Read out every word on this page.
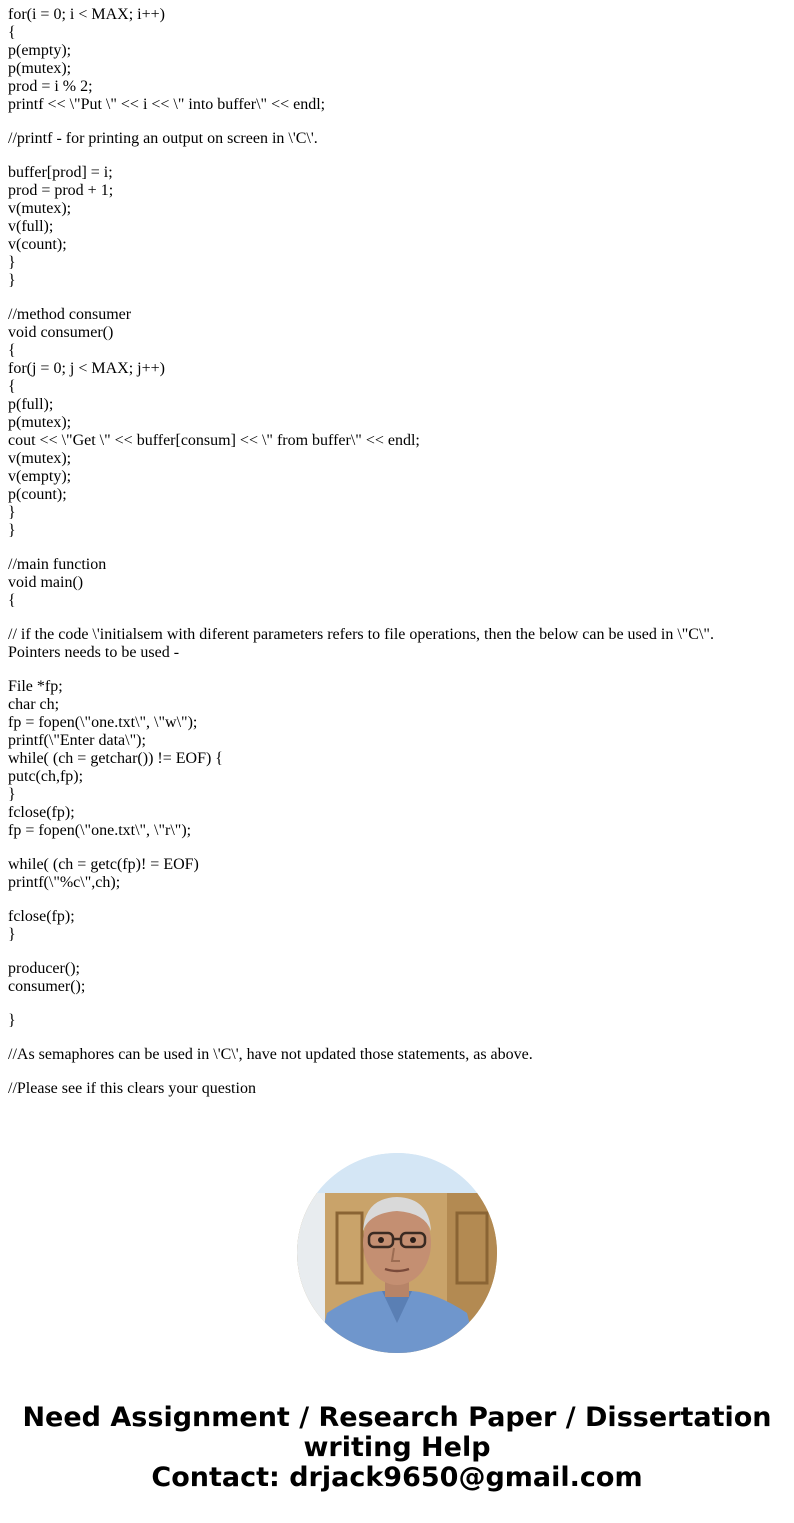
for(i = 0; i < MAX; i++)
{
p(empty);
p(mutex);
prod = i % 2;
printf << \"Put \" << i << \" into buffer\" << endl;
//printf - for printing an output on screen in \'C\'.
buffer[prod] = i;
prod = prod + 1;
v(mutex);
v(full);
v(count);
}
}
//method consumer
void consumer()
{
for(j = 0; j < MAX; j++)
{
p(full);
p(mutex);
cout << \"Get \" << buffer[consum] << \" from buffer\" << endl;
v(mutex);
v(empty);
p(count);
}
}
//main function
void main()
{
// if the code \'initialsem with diferent parameters refers to file operations, then the below can be used in \"C\".
Pointers needs to be used -
File *fp;
char ch;
fp = fopen(\"one.txt\", \"w\");
printf(\"Enter data\");
while( (ch = getchar()) != EOF) {
putc(ch,fp);
}
fclose(fp);
fp = fopen(\"one.txt\", \"r\");
while( (ch = getc(fp)! = EOF)
printf(\"%c\",ch);
fclose(fp);
}
producer();
consumer();
}
//As semaphores can be used in \'C\', have not updated those statements, as above.
//Please see if this clears your question
Need Assignment / Research Paper / Dissertation
writing Help
Contact: drjack9650@gmail.com
